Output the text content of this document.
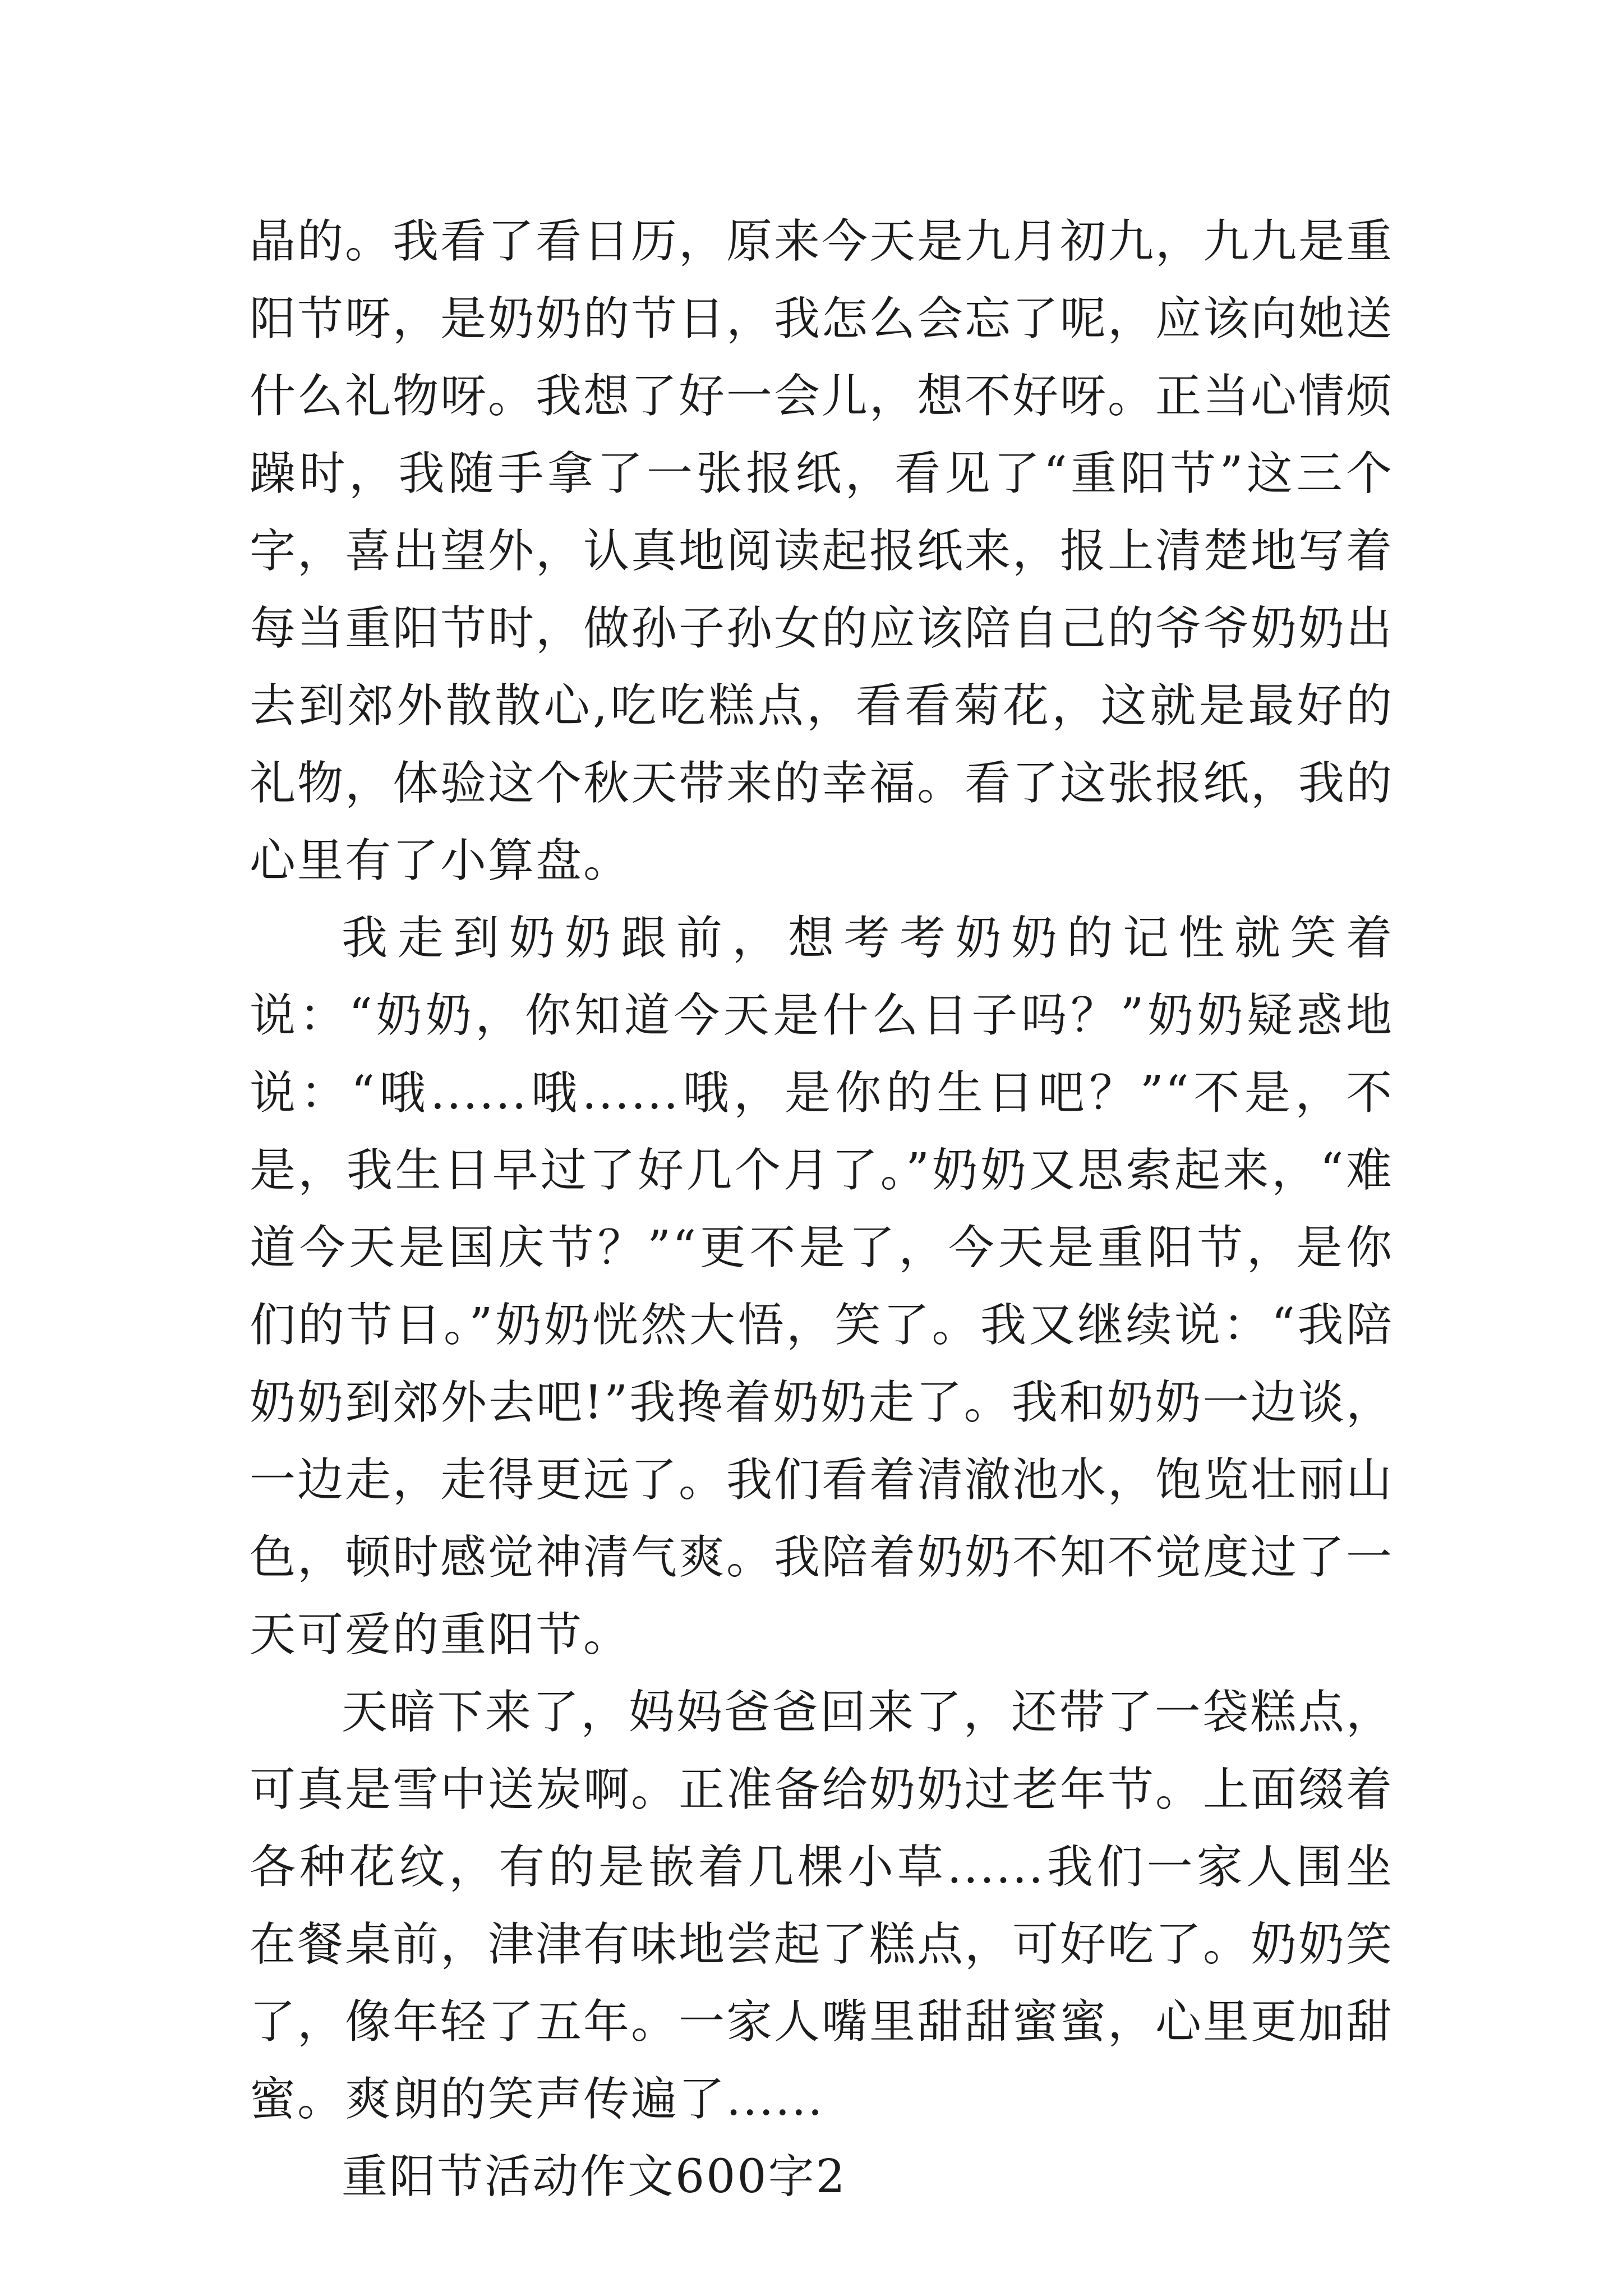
晶的。我看了看日历，原来今天是九月初九，九九是重阳节呀，是奶奶的节日，我怎么会忘了呢，应该向她送什么礼物呀。我想了好一会儿，想不好呀。正当心情烦躁时，我随手拿了一张报纸，看见了“重阳节”这三个字，喜出望外，认真地阅读起报纸来，报上清楚地写着每当重阳节时，做孙子孙女的应该陪自己的爷爷奶奶出去到郊外散散心,吃吃糕点，看看菊花，这就是最好的礼物，体验这个秋天带来的幸福。看了这张报纸，我的心里有了小算盘。

我走到奶奶跟前，想考考奶奶的记性就笑着说：“奶奶，你知道今天是什么日子吗？”奶奶疑惑地说：“哦......哦......哦，是你的生日吧？”“不是，不是，我生日早过了好几个月了。”奶奶又思索起来，“难道今天是国庆节？”“更不是了，今天是重阳节，是你们的节日。”奶奶恍然大悟，笑了。我又继续说：“我陪奶奶到郊外去吧!”我搀着奶奶走了。我和奶奶一边谈，一边走，走得更远了。我们看着清澈池水，饱览壮丽山色，顿时感觉神清气爽。我陪着奶奶不知不觉度过了一天可爱的重阳节。

天暗下来了，妈妈爸爸回来了，还带了一袋糕点，可真是雪中送炭啊。正准备给奶奶过老年节。上面缀着各种花纹，有的是嵌着几棵小草......我们一家人围坐在餐桌前，津津有味地尝起了糕点，可好吃了。奶奶笑了，像年轻了五年。一家人嘴里甜甜蜜蜜，心里更加甜蜜。爽朗的笑声传遍了......

重阳节活动作文600字2
